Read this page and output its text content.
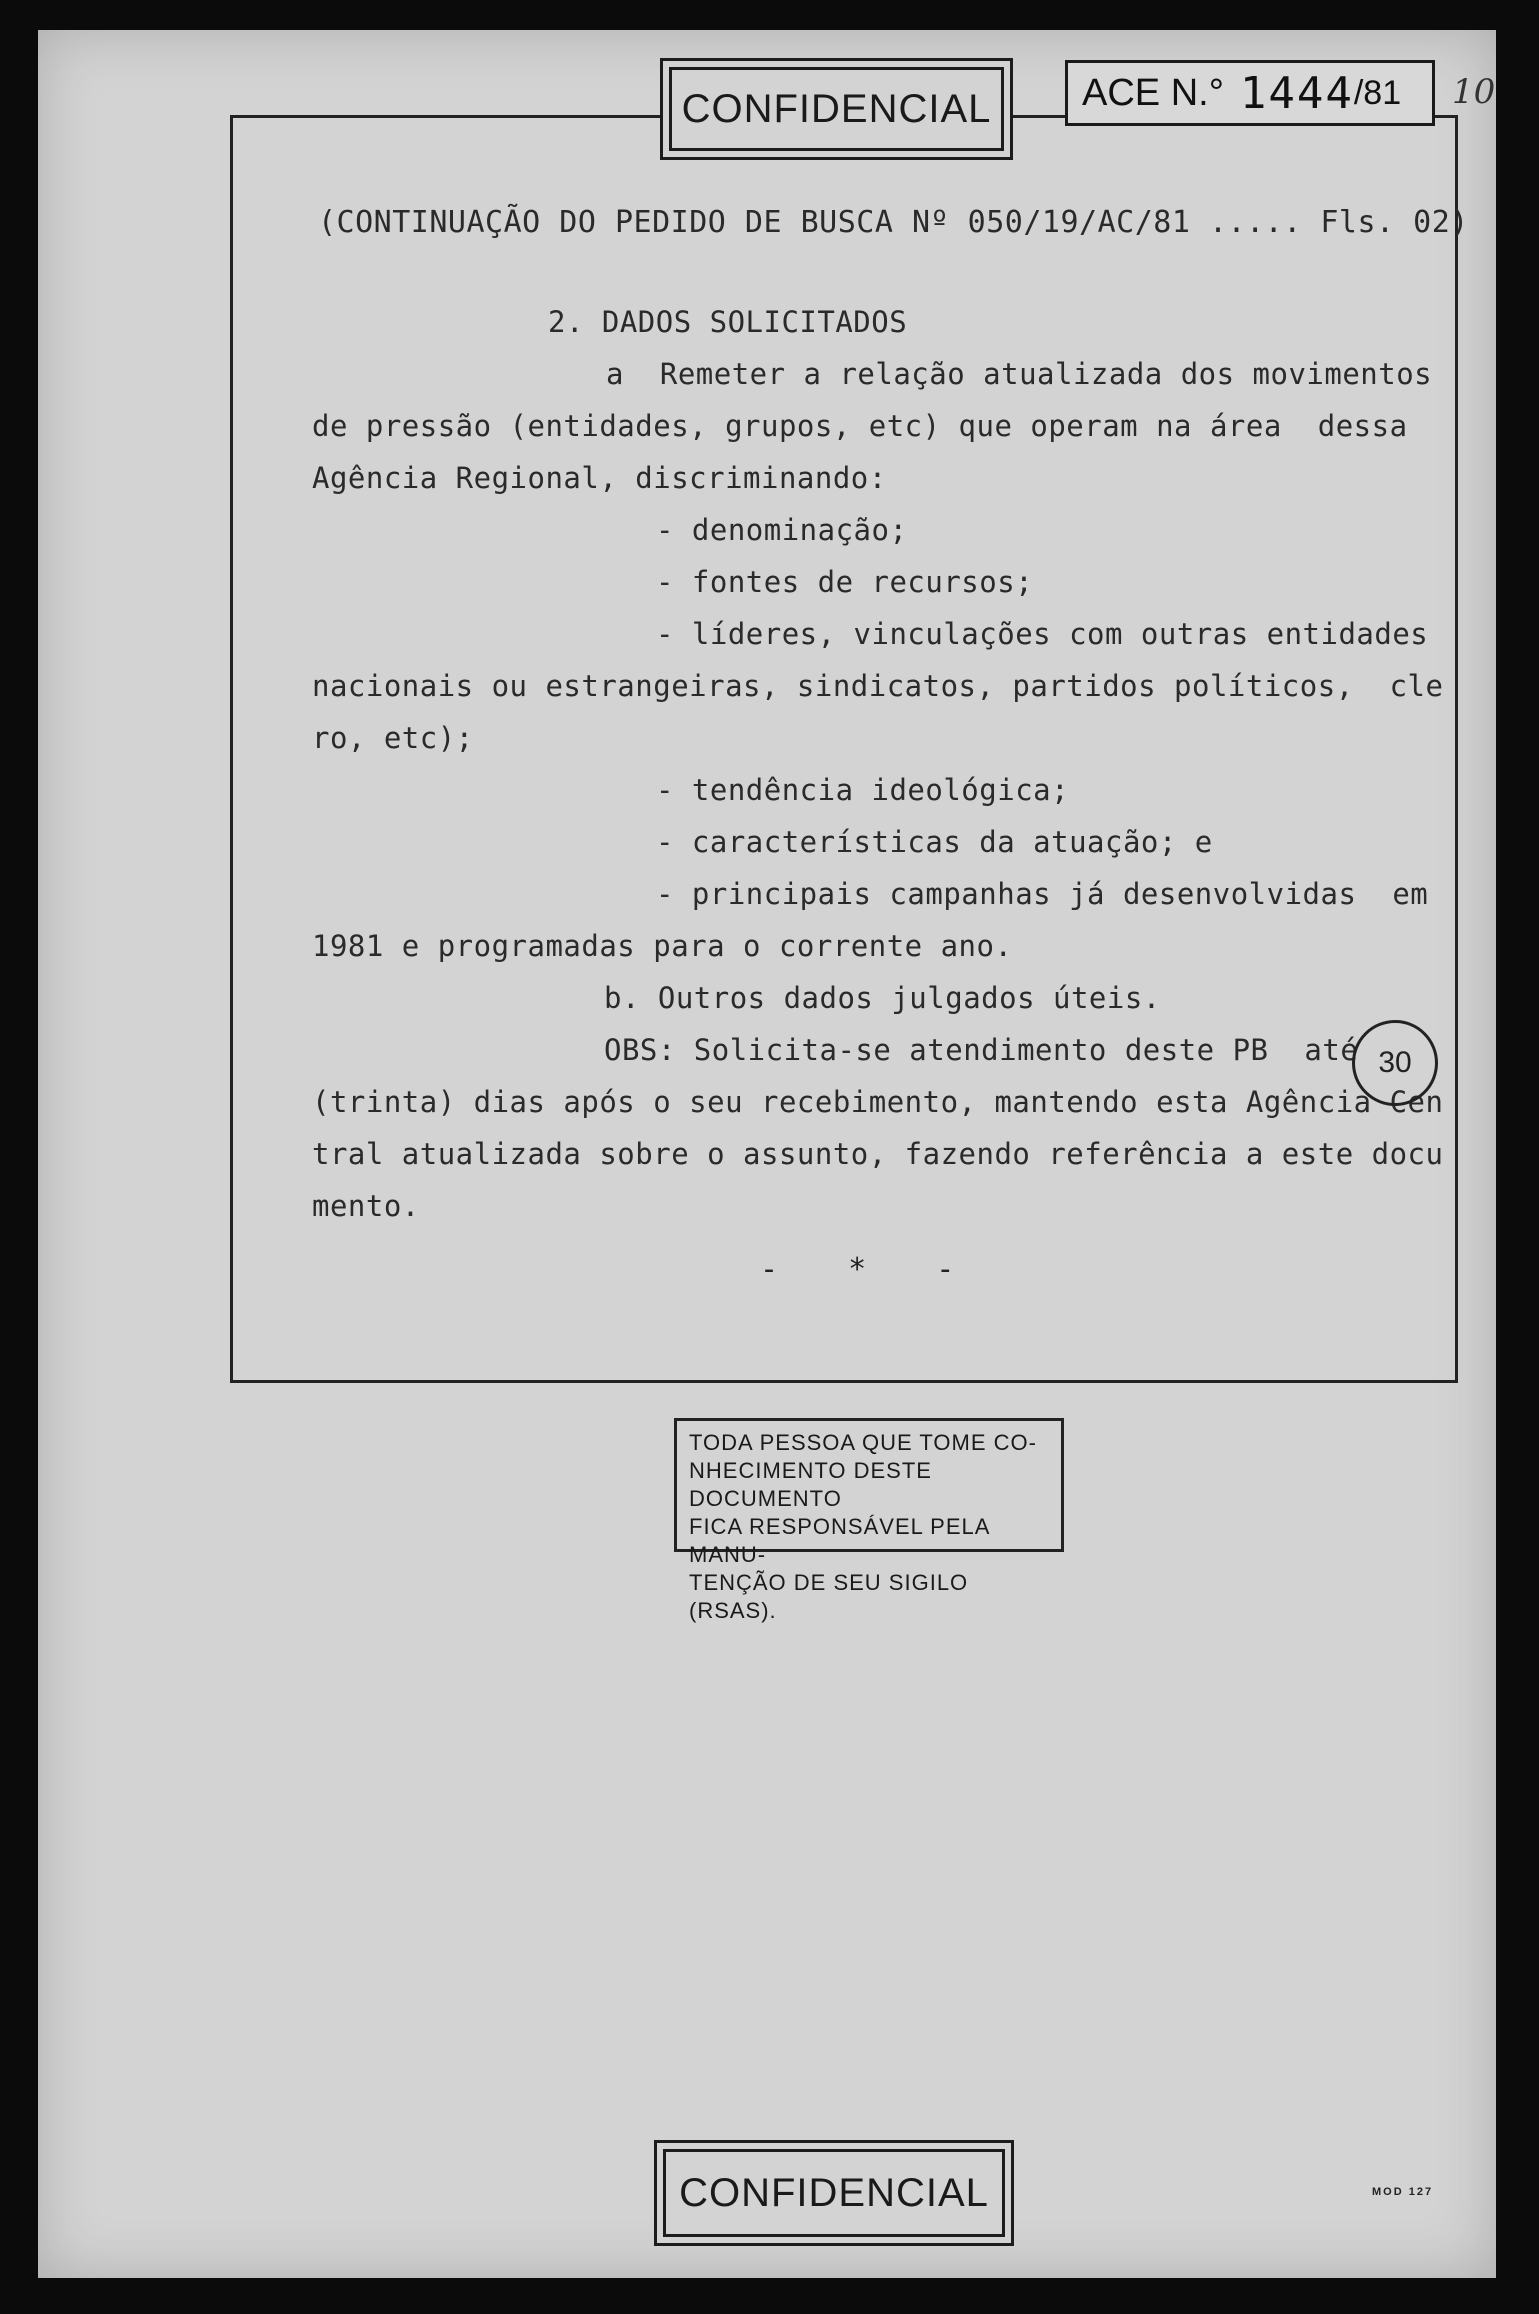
ACE N.° 1444 /81 10
CONFIDENCIAL
(CONTINUAÇÃO DO PEDIDO DE BUSCA Nº 050/19/AC/81 ..... Fls. 02)
2. DADOS SOLICITADOS
a  Remeter a relação atualizada dos movimentos
de pressão (entidades, grupos, etc) que operam na área  dessa
Agência Regional, discriminando:
- denominação;
- fontes de recursos;
- líderes, vinculações com outras entidades
nacionais ou estrangeiras, sindicatos, partidos políticos,  cle
ro, etc);
- tendência ideológica;
- características da atuação; e
- principais campanhas já desenvolvidas  em
1981 e programadas para o corrente ano.
b. Outros dados julgados úteis.
OBS: Solicita-se atendimento deste PB  até
(trinta) dias após o seu recebimento, mantendo esta Agência Cen
tral atualizada sobre o assunto, fazendo referência a este docu
mento.
30
- * -
TODA PESSOA QUE TOME CO-
NHECIMENTO DESTE DOCUMENTO
FICA RESPONSÁVEL PELA MANU-
TENÇÃO DE SEU SIGILO (RSAS).
CONFIDENCIAL	MOD 127
